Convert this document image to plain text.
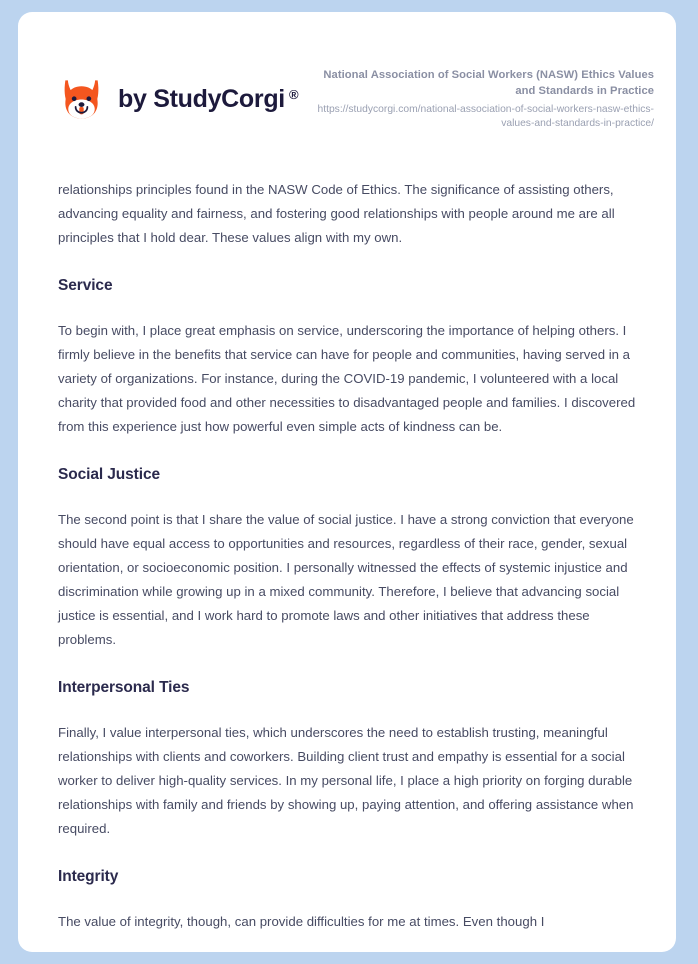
by StudyCorgi ®

National Association of Social Workers (NASW) Ethics Values and Standards in Practice

https://studycorgi.com/national-association-of-social-workers-nasw-ethics-values-and-standards-in-practice/

relationships principles found in the NASW Code of Ethics. The significance of assisting others, advancing equality and fairness, and fostering good relationships with people around me are all principles that I hold dear. These values align with my own.

Service

To begin with, I place great emphasis on service, underscoring the importance of helping others. I firmly believe in the benefits that service can have for people and communities, having served in a variety of organizations. For instance, during the COVID-19 pandemic, I volunteered with a local charity that provided food and other necessities to disadvantaged people and families. I discovered from this experience just how powerful even simple acts of kindness can be.

Social Justice

The second point is that I share the value of social justice. I have a strong conviction that everyone should have equal access to opportunities and resources, regardless of their race, gender, sexual orientation, or socioeconomic position. I personally witnessed the effects of systemic injustice and discrimination while growing up in a mixed community. Therefore, I believe that advancing social justice is essential, and I work hard to promote laws and other initiatives that address these problems.

Interpersonal Ties

Finally, I value interpersonal ties, which underscores the need to establish trusting, meaningful relationships with clients and coworkers. Building client trust and empathy is essential for a social worker to deliver high-quality services. In my personal life, I place a high priority on forging durable relationships with family and friends by showing up, paying attention, and offering assistance when required.

Integrity

The value of integrity, though, can provide difficulties for me at times. Even though I
